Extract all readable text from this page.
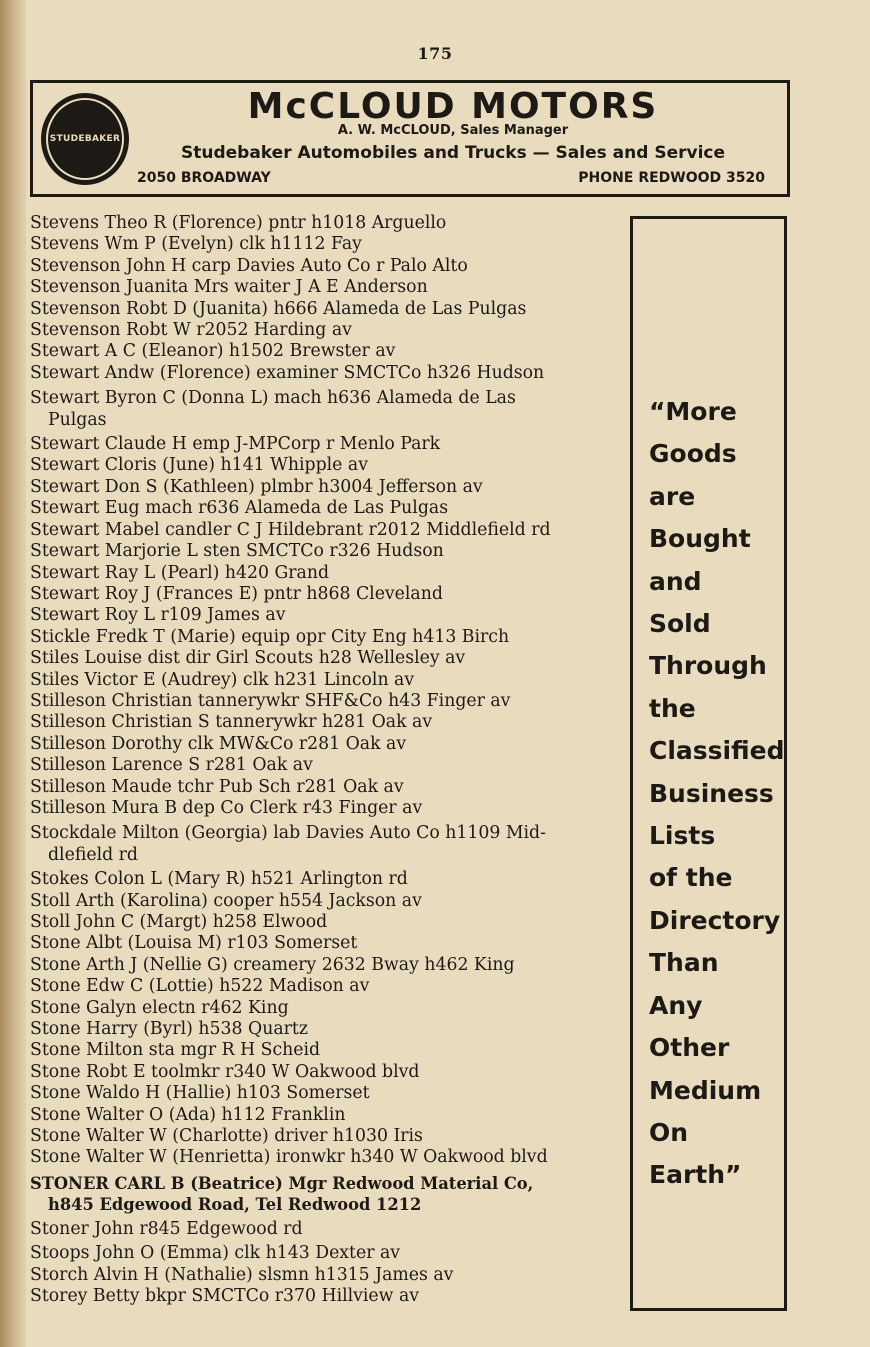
175
STUDEBAKER
McCLOUD MOTORS
A. W. McCLOUD, Sales Manager
Studebaker Automobiles and Trucks — Sales and Service
2050 BROADWAY	PHONE REDWOOD 3520
Stevens Theo R (Florence) pntr h1018 Arguello
Stevens Wm P (Evelyn) clk h1112 Fay
Stevenson John H carp Davies Auto Co r Palo Alto
Stevenson Juanita Mrs waiter J A E Anderson
Stevenson Robt D (Juanita) h666 Alameda de Las Pulgas
Stevenson Robt W r2052 Harding av
Stewart A C (Eleanor) h1502 Brewster av
Stewart Andw (Florence) examiner SMCTCo h326 Hudson
Stewart Byron C (Donna L) mach h636 Alameda de Las
Pulgas
Stewart Claude H emp J-MPCorp r Menlo Park
Stewart Cloris (June) h141 Whipple av
Stewart Don S (Kathleen) plmbr h3004 Jefferson av
Stewart Eug mach r636 Alameda de Las Pulgas
Stewart Mabel candler C J Hildebrant r2012 Middlefield rd
Stewart Marjorie L sten SMCTCo r326 Hudson
Stewart Ray L (Pearl) h420 Grand
Stewart Roy J (Frances E) pntr h868 Cleveland
Stewart Roy L r109 James av
Stickle Fredk T (Marie) equip opr City Eng h413 Birch
Stiles Louise dist dir Girl Scouts h28 Wellesley av
Stiles Victor E (Audrey) clk h231 Lincoln av
Stilleson Christian tannerywkr SHF&Co h43 Finger av
Stilleson Christian S tannerywkr h281 Oak av
Stilleson Dorothy clk MW&Co r281 Oak av
Stilleson Larence S r281 Oak av
Stilleson Maude tchr Pub Sch r281 Oak av
Stilleson Mura B dep Co Clerk r43 Finger av
Stockdale Milton (Georgia) lab Davies Auto Co h1109 Mid-
dlefield rd
Stokes Colon L (Mary R) h521 Arlington rd
Stoll Arth (Karolina) cooper h554 Jackson av
Stoll John C (Margt) h258 Elwood
Stone Albt (Louisa M) r103 Somerset
Stone Arth J (Nellie G) creamery 2632 Bway h462 King
Stone Edw C (Lottie) h522 Madison av
Stone Galyn electn r462 King
Stone Harry (Byrl) h538 Quartz
Stone Milton sta mgr R H Scheid
Stone Robt E toolmkr r340 W Oakwood blvd
Stone Waldo H (Hallie) h103 Somerset
Stone Walter O (Ada) h112 Franklin
Stone Walter W (Charlotte) driver h1030 Iris
Stone Walter W (Henrietta) ironwkr h340 W Oakwood blvd
STONER CARL B (Beatrice) Mgr Redwood Material Co,
h845 Edgewood Road, Tel Redwood 1212
Stoner John r845 Edgewood rd
Stoops John O (Emma) clk h143 Dexter av
Storch Alvin H (Nathalie) slsmn h1315 James av
Storey Betty bkpr SMCTCo r370 Hillview av
“More
Goods
are
Bought
and
Sold
Through
the
Classified
Business
Lists
of the
Directory
Than
Any
Other
Medium
On
Earth”
